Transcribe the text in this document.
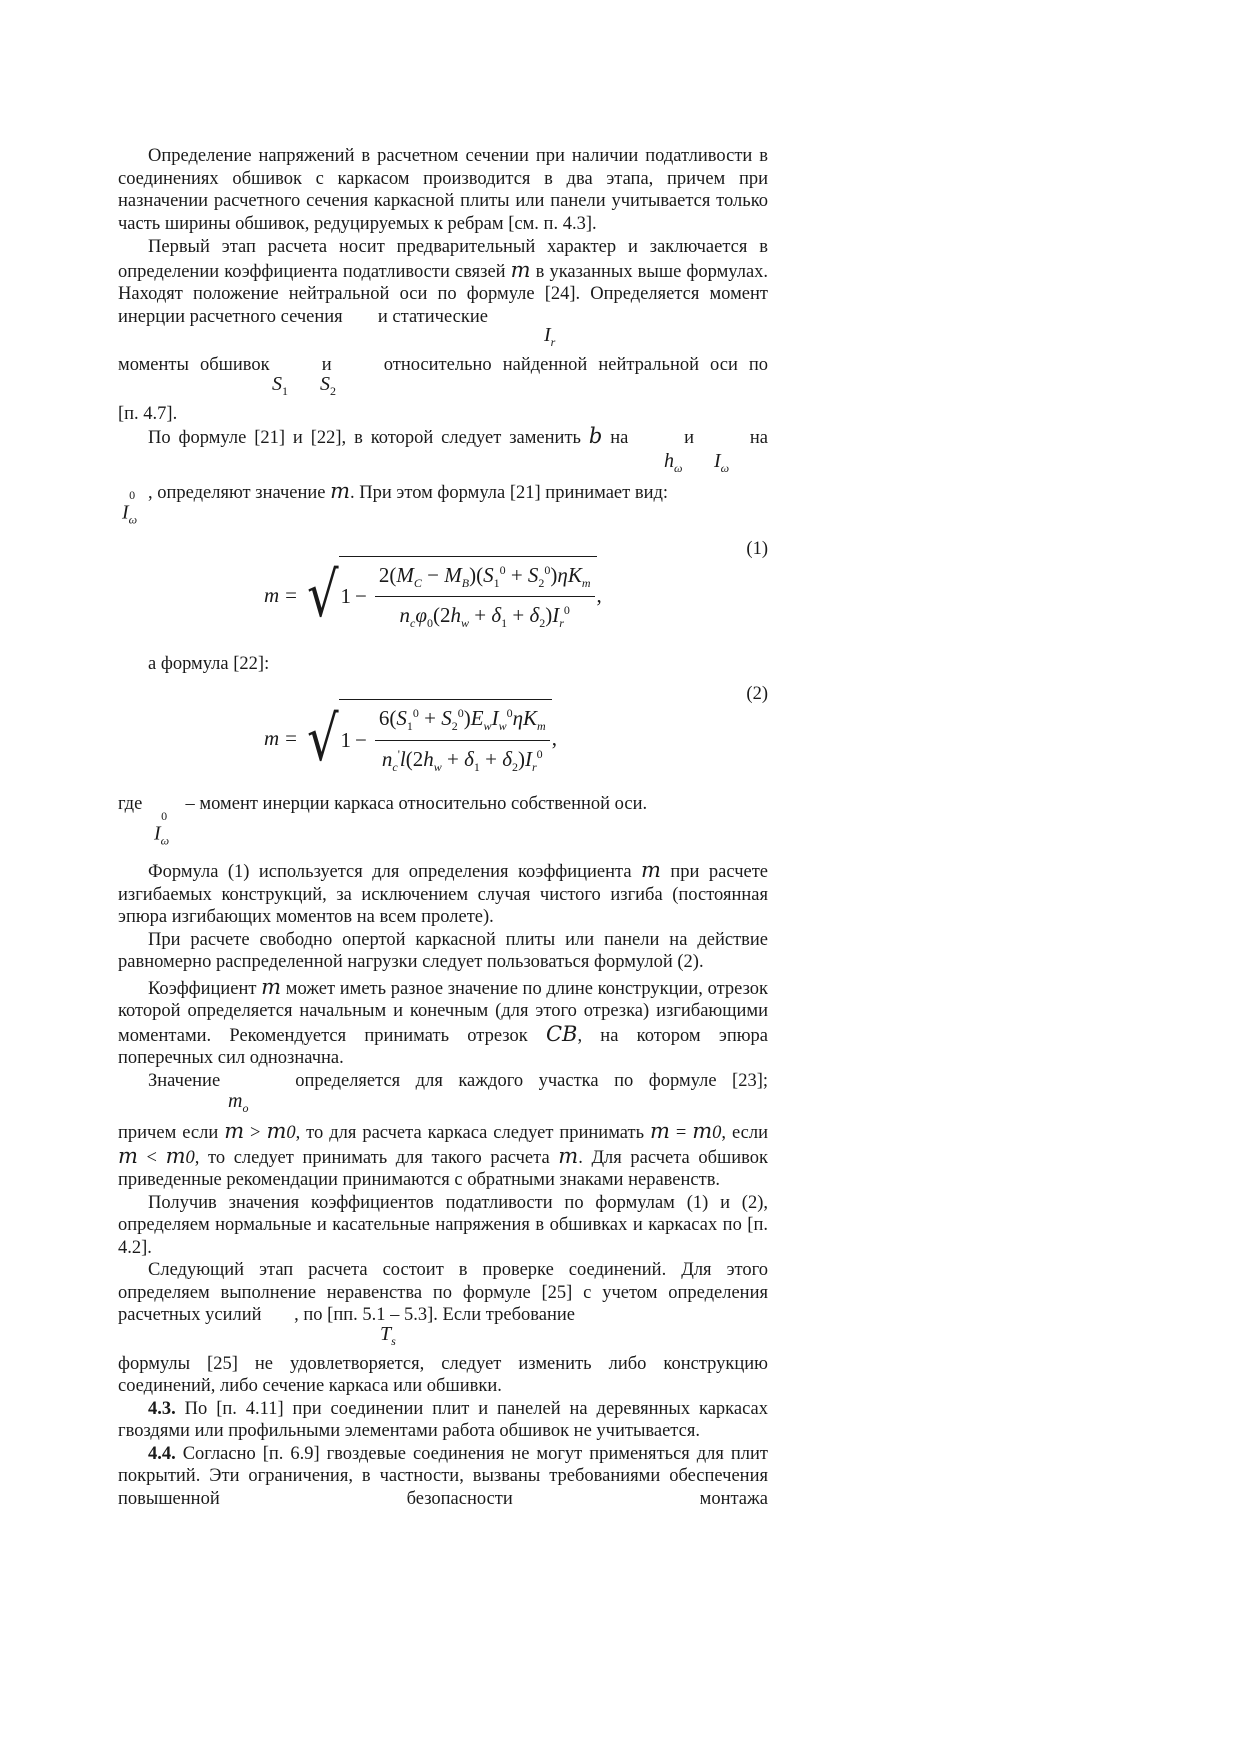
Определение напряжений в расчетном сечении при наличии податливости в соединениях обшивок с каркасом производится в два этапа, причем при назначении расчетного сечения каркасной плиты или панели учитывается только часть ширины обшивок, редуцируемых к ребрам [см. п. 4.3].

Первый этап расчета носит предварительный характер и заключается в определении коэффициента податливости связей m в указанных выше формулах. Находят положение нейтральной оси по формуле [24]. Определяется момент инерции расчетного сечения и статические

$I_r$

моменты обшивок	и	относительно найденной нейтральной оси по

$S_1$ $S_2$

[п. 4.7].

По формуле [21] и [22], в которой следует заменить b на	и	на

$h_\omega$ $I_\omega$
$I_\omega^0$ , определяют значение m. При этом формула [21] принимает вид:
(1)
m = √ $1 - \frac{2(M_C - M_B)(S_1^0 + S_2^0)\eta K_m}{n_c\varphi_0(2h_w + \delta_1 + \delta_2)I_r^0}$ ,

а формула [22]:

(2)
m = √ $1 - \frac{6(S_1^0 + S_2^0)E_wI_w^0\eta K_m}{n_c'l(2h_w + \delta_1 + \delta_2)I_r^0}$ ,
где – момент инерции каркаса относительно собственной оси.
$I_\omega^0$

Формула (1) используется для определения коэффициента m при расчете изгибаемых конструкций, за исключением случая чистого изгиба (постоянная эпюра изгибающих моментов на всем пролете).

При расчете свободно опертой каркасной плиты или панели на действие равномерно распределенной нагрузки следует пользоваться формулой (2).

Коэффициент m может иметь разное значение по длине конструкции, отрезок которой определяется начальным и конечным (для этого отрезка) изгибающими моментами. Рекомендуется принимать отрезок CB, на котором эпюра поперечных сил однозначна.

Значение	определяется для каждого участка по формуле [23];

$m_o$

причем если m > m0, то для расчета каркаса следует принимать m = m0, если m < m0, то следует принимать для такого расчета m. Для расчета обшивок приведенные рекомендации принимаются с обратными знаками неравенств.

Получив значения коэффициентов податливости по формулам (1) и (2), определяем нормальные и касательные напряжения в обшивках и каркасах по [п. 4.2].

Следующий этап расчета состоит в проверке соединений. Для этого определяем выполнение неравенства по формуле [25] с учетом определения расчетных усилий , по [пп. 5.1 – 5.3]. Если требование

$T_s$

формулы [25] не удовлетворяется, следует изменить либо конструкцию соединений, либо сечение каркаса или обшивки.

4.3. По [п. 4.11] при соединении плит и панелей на деревянных каркасах гвоздями или профильными элементами работа обшивок не учитывается.

4.4. Согласно [п. 6.9] гвоздевые соединения не могут применяться для плит покрытий. Эти ограничения, в частности, вызваны требованиями обеспечения повышенной безопасности монтажа
